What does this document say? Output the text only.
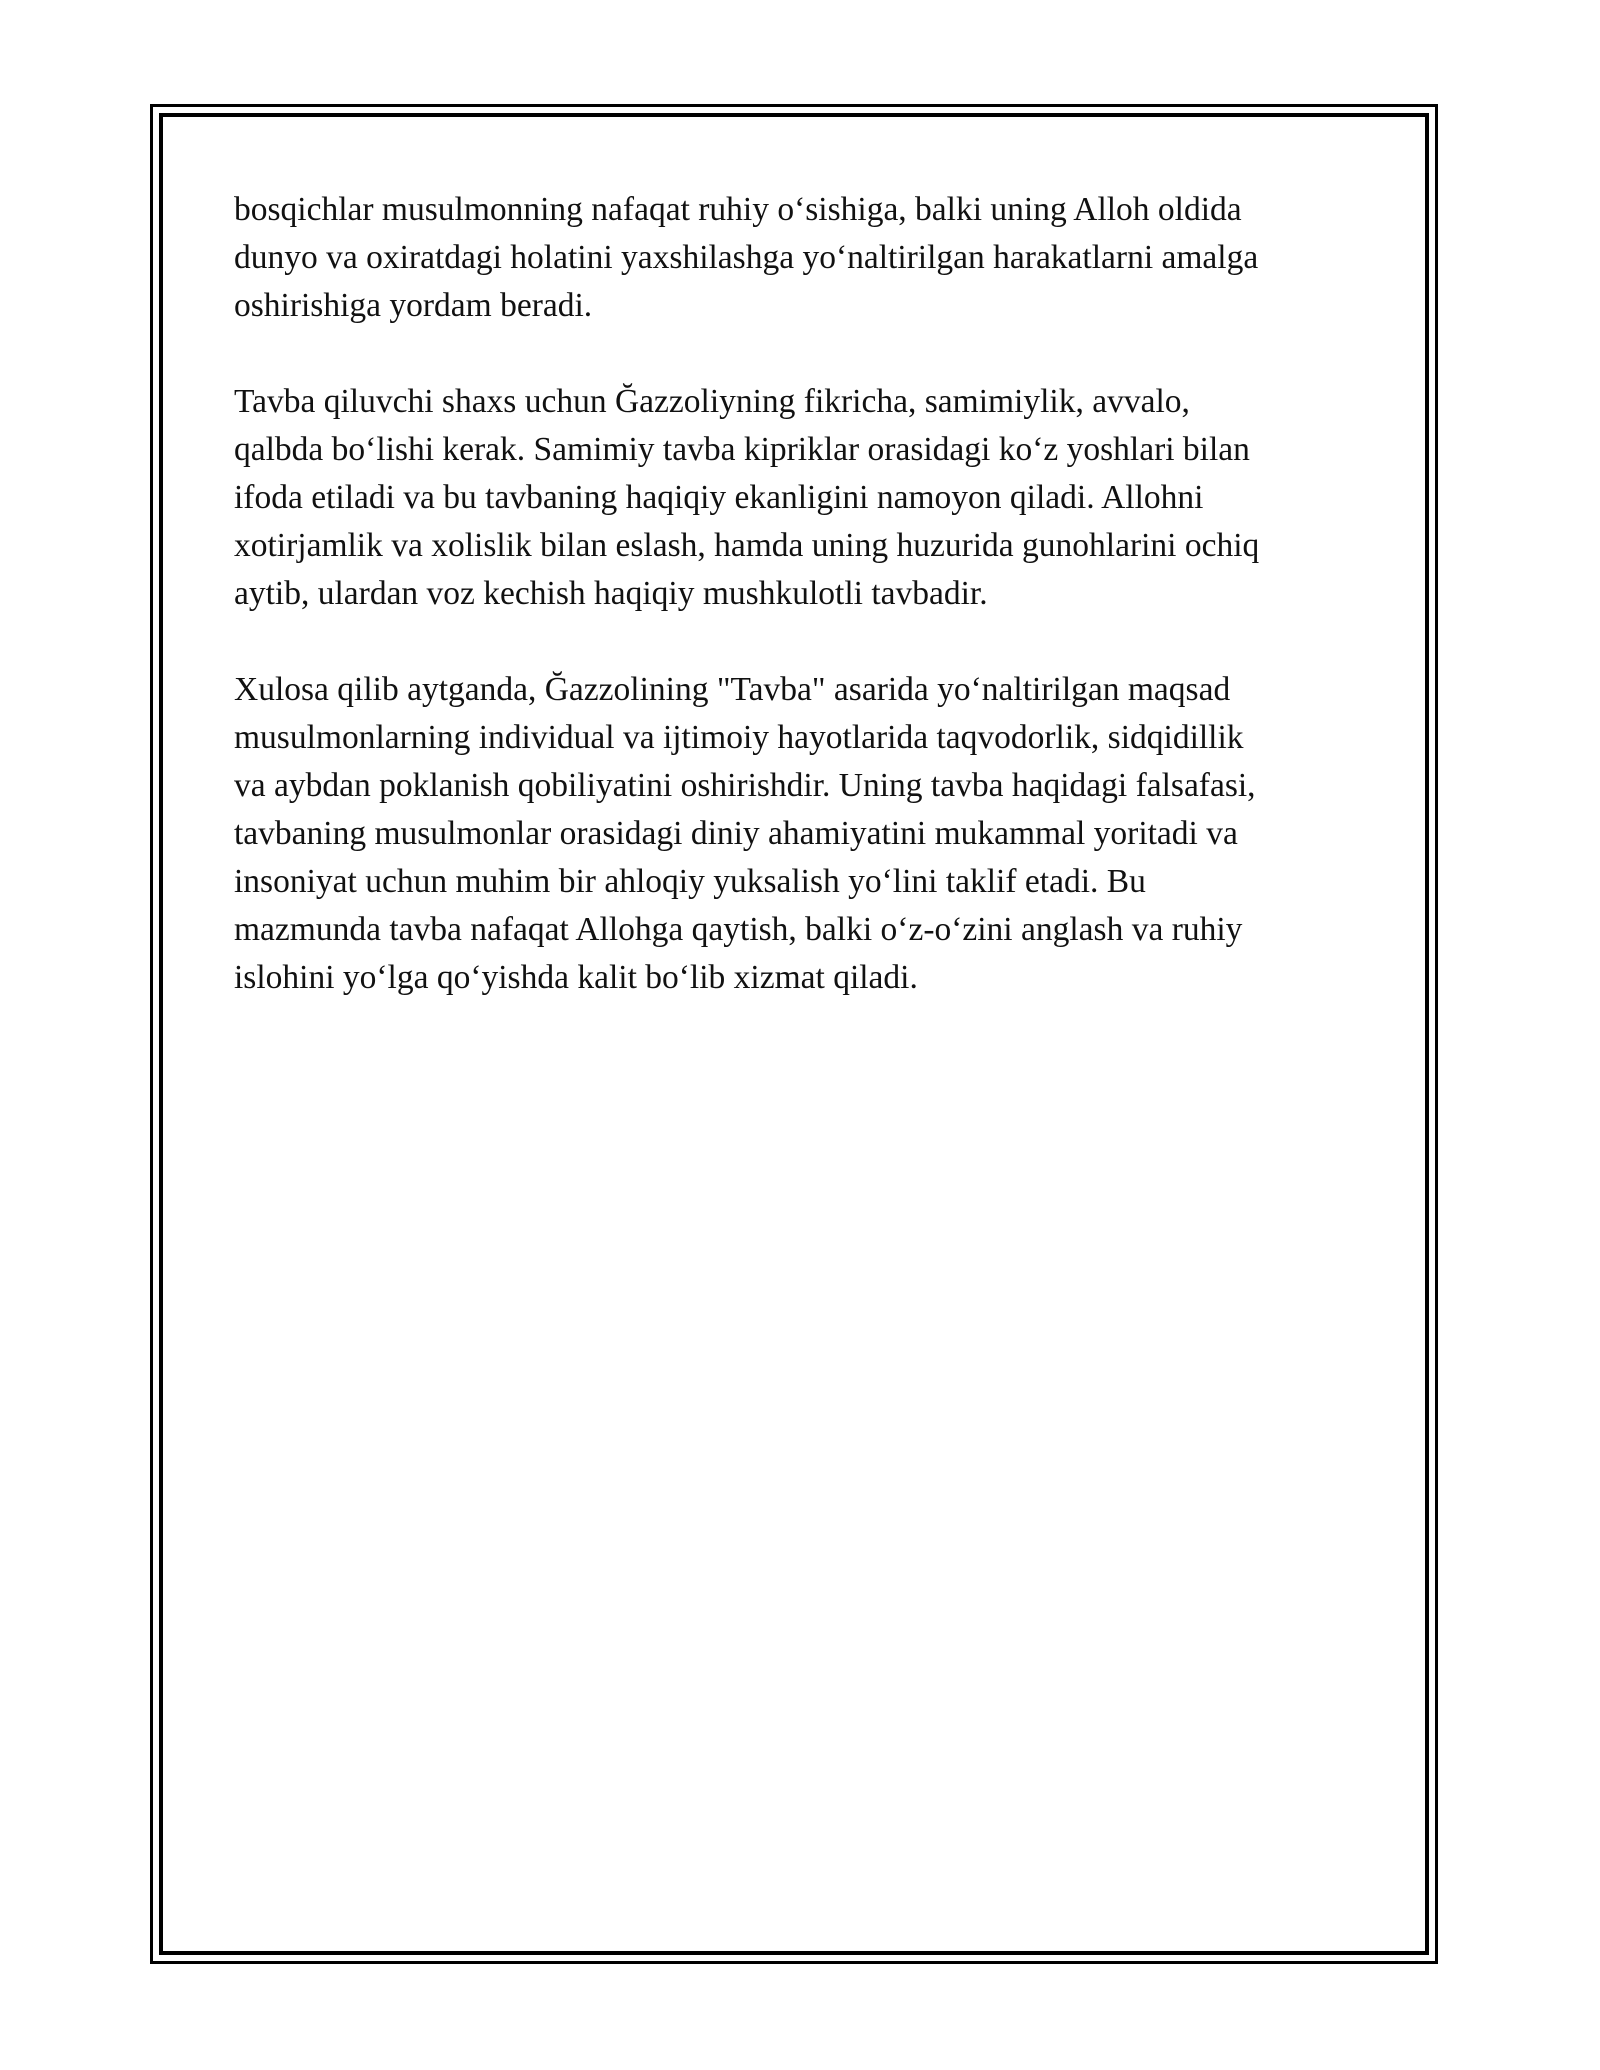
bosqichlar musulmonning nafaqat ruhiy o‘sishiga, balki uning Alloh oldida
dunyo va oxiratdagi holatini yaxshilashga yo‘naltirilgan harakatlarni amalga
oshirishiga yordam beradi.

Tavba qiluvchi shaxs uchun Ğazzoliyning fikricha, samimiylik, avvalo,
qalbda bo‘lishi kerak. Samimiy tavba kipriklar orasidagi ko‘z yoshlari bilan
ifoda etiladi va bu tavbaning haqiqiy ekanligini namoyon qiladi. Allohni
xotirjamlik va xolislik bilan eslash, hamda uning huzurida gunohlarini ochiq
aytib, ulardan voz kechish haqiqiy mushkulotli tavbadir.

Xulosa qilib aytganda, Ğazzolining "Tavba" asarida yo‘naltirilgan maqsad
musulmonlarning individual va ijtimoiy hayotlarida taqvodorlik, sidqidillik
va aybdan poklanish qobiliyatini oshirishdir. Uning tavba haqidagi falsafasi,
tavbaning musulmonlar orasidagi diniy ahamiyatini mukammal yoritadi va
insoniyat uchun muhim bir ahloqiy yuksalish yo‘lini taklif etadi. Bu
mazmunda tavba nafaqat Allohga qaytish, balki o‘z-o‘zini anglash va ruhiy
islohini yo‘lga qo‘yishda kalit bo‘lib xizmat qiladi.
